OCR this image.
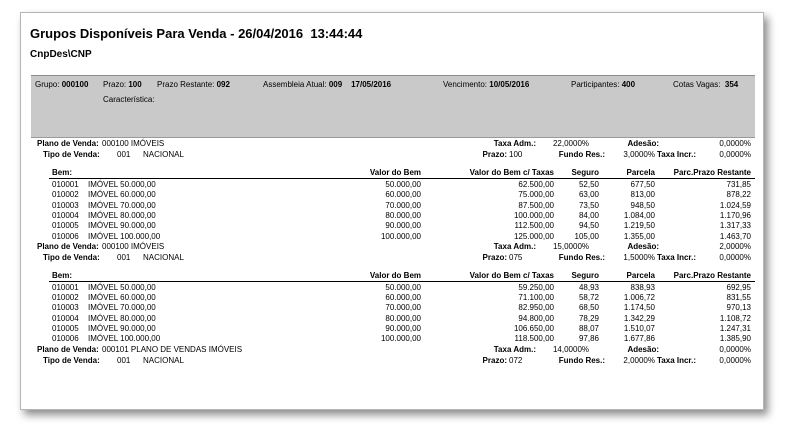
Grupos Disponíveis Para Venda - 26/04/2016  13:44:44
CnpDes\CNP
Grupo: 000100 Prazo: 100 Prazo Restante: 092	Assembleia Atual: 009 17/05/2016	Vencimento: 10/05/2016	Participantes: 400	Cotas Vagas: 354
Característica:
Plano de Venda: 000100 IMÓVEIS	Taxa Adm.:	22,0000%	Adesão:	0,0000%
Tipo de Venda: 001 NACIONAL	Prazo: 100	Fundo Res.:	3,0000% Taxa Incr.:	0,0000%
Bem:	Valor do Bem	Valor do Bem c/ Taxas	Seguro	Parcela	Parc.Prazo Restante
010001 IMÓVEL 50.000,00	50.000,00	62.500,00	52,50	677,50	731,85
010002 IMÓVEL 60.000,00	60.000,00	75.000,00	63,00	813,00	878,22
010003 IMÓVEL 70.000,00	70.000,00	87.500,00	73,50	948,50	1.024,59
010004 IMÓVEL 80.000,00	80.000,00	100.000,00	84,00	1.084,00	1.170,96
010005 IMÓVEL 90.000,00	90.000,00	112.500,00	94,50	1.219,50	1.317,33
010006 IMÓVEL 100.000,00	100.000,00	125.000,00	105,00	1.355,00	1.463,70
Plano de Venda: 000100 IMÓVEIS	Taxa Adm.:	15,0000%	Adesão:	2,0000%
Tipo de Venda: 001 NACIONAL	Prazo: 075	Fundo Res.:	1,5000% Taxa Incr.:	0,0000%
Bem:	Valor do Bem	Valor do Bem c/ Taxas	Seguro	Parcela	Parc.Prazo Restante
010001 IMÓVEL 50.000,00	50.000,00	59.250,00	48,93	838,93	692,95
010002 IMÓVEL 60.000,00	60.000,00	71.100,00	58,72	1.006,72	831,55
010003 IMÓVEL 70.000,00	70.000,00	82.950,00	68,50	1.174,50	970,13
010004 IMÓVEL 80.000,00	80.000,00	94.800,00	78,29	1.342,29	1.108,72
010005 IMÓVEL 90.000,00	90.000,00	106.650,00	88,07	1.510,07	1.247,31
010006 IMÓVEL 100.000,00	100.000,00	118.500,00	97,86	1.677,86	1.385,90
Plano de Venda: 000101 PLANO DE VENDAS IMÓVEIS	Taxa Adm.:	14,0000%	Adesão:	0,0000%
Tipo de Venda: 001 NACIONAL	Prazo: 072	Fundo Res.:	2,0000% Taxa Incr.:	0,0000%
